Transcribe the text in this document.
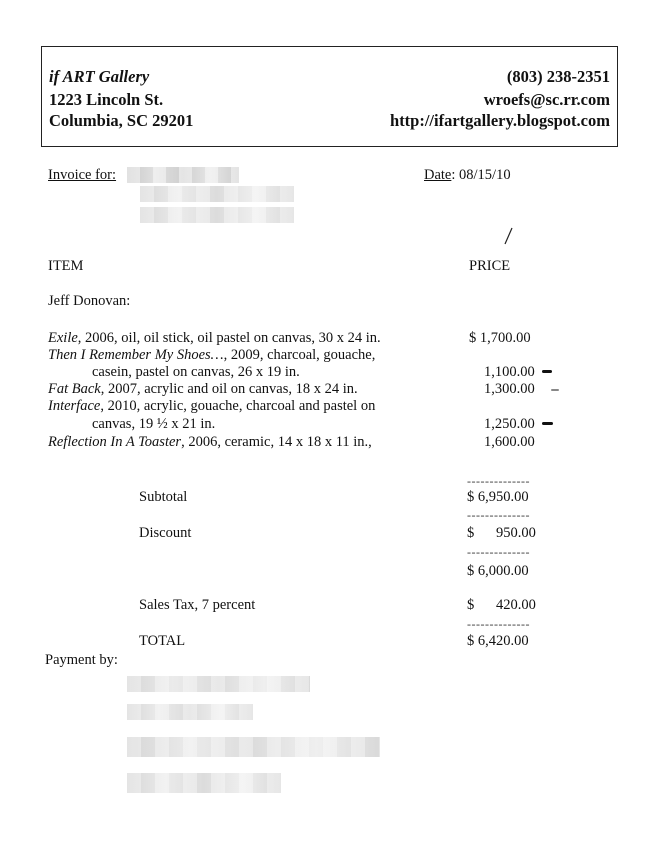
if ART Gallery
1223 Lincoln St.
Columbia, SC 29201
(803) 238-2351
wroefs@sc.rr.com
http://ifartgallery.blogspot.com
Invoice for:	Date: 08/15/10
ITEM	PRICE
Jeff Donovan:
Exile, 2006, oil, oil stick, oil pastel on canvas, 30 x 24 in.	$ 1,700.00
Then I Remember My Shoes…, 2009, charcoal, gouache,
casein, pastel on canvas, 26 x 19 in.	1,100.00
Fat Back, 2007, acrylic and oil on canvas, 18 x 24 in.	1,300.00
Interface, 2010, acrylic, gouache, charcoal and pastel on
canvas, 19 ½ x 21 in.	1,250.00
Reflection In A Toaster, 2006, ceramic, 14 x 18 x 11 in.,	1,600.00
--------------
Subtotal	$ 6,950.00
--------------
Discount	$      950.00
--------------
$ 6,000.00
Sales Tax, 7 percent	$      420.00
--------------
TOTAL	$ 6,420.00
Payment by:
